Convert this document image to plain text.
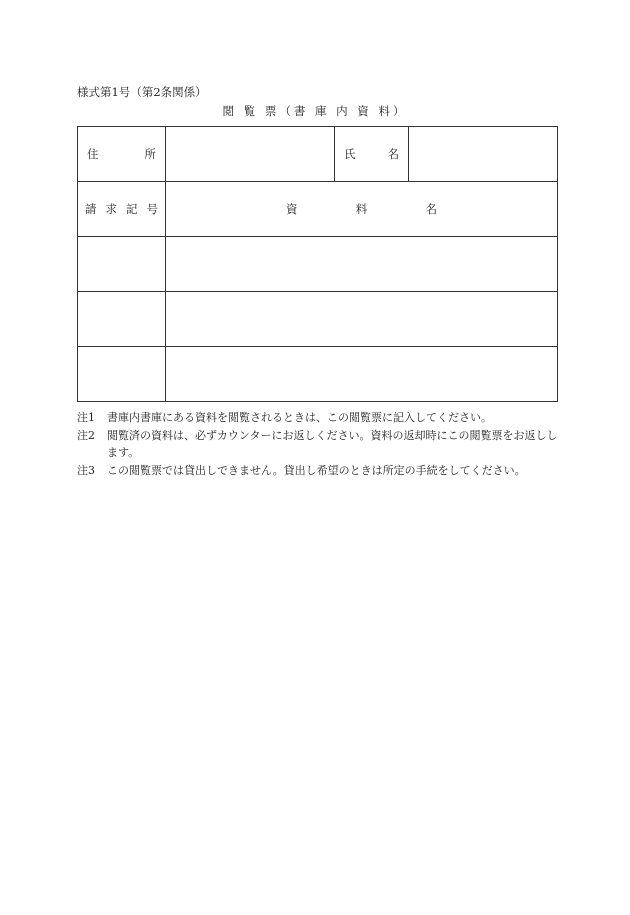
様式第1号（第2条関係）
閲 覧 票（書 庫 内 資 料）
住 所		氏 名	

請 求 記 号	資 料 名		

注1	書庫内書庫にある資料を閲覧されるときは、この閲覧票に記入してください。
注2	閲覧済の資料は、必ずカウンターにお返しください。資料の返却時にこの閲覧票をお返しします。
注3	この閲覧票では貸出しできません。貸出し希望のときは所定の手続をしてください。
